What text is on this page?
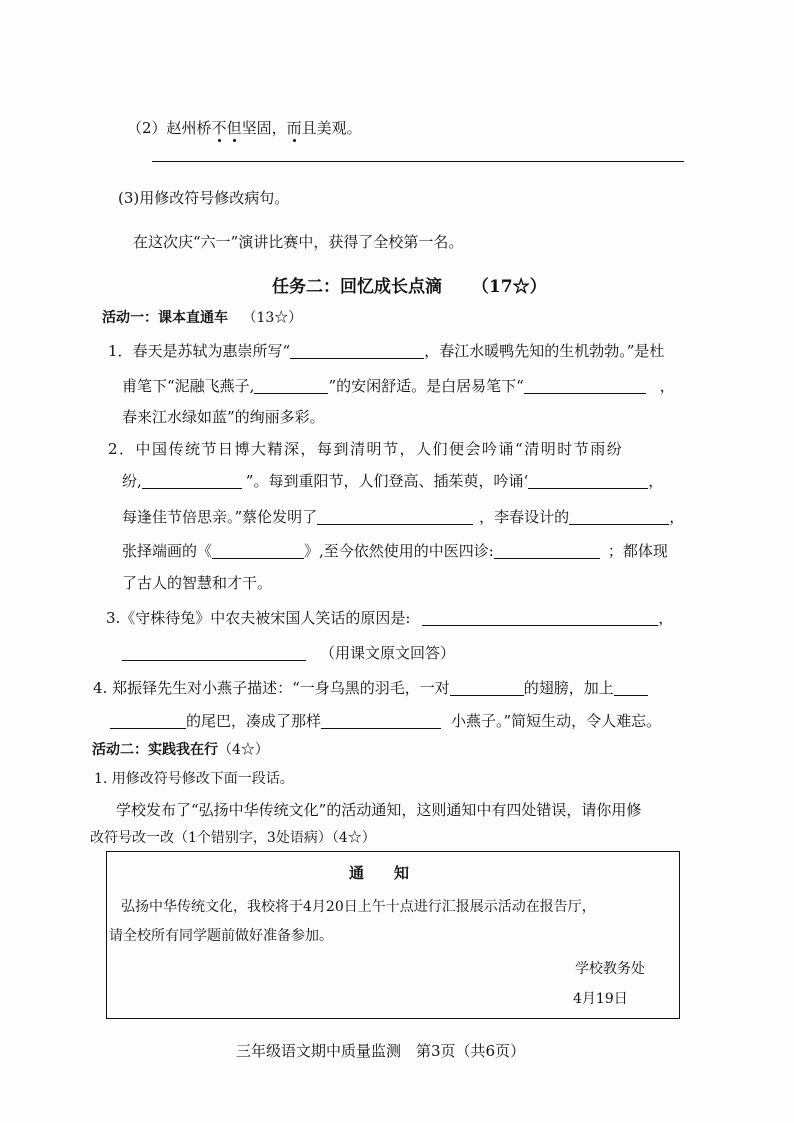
（2）赵州桥不但坚固，而且美观。
(3)用修改符号修改病句。
在这次庆“六一”演讲比赛中，获得了全校第一名。
任务二：回忆成长点滴 （17☆）
活动一：课本直通车 （13☆）
1．春天是苏轼为惠崇所写“	，春江水暖鸭先知的生机勃勃。”是杜
甫笔下“泥融飞燕子,	”的安闲舒适。是白居易笔下“	，
春来江水绿如蓝”的绚丽多彩。
2．中国传统节日博大精深，每到清明节，人们便会吟诵“清明时节雨纷
纷,	”。每到重阳节，人们登高、插茱萸，吟诵‘	，
每逢佳节倍思亲。”蔡伦发明了	，李春设计的	，
张择端画的《	》,至今依然使用的中医四诊:	；都体现
了古人的智慧和才干。
3.《守株待兔》中农夫被宋国人笑话的原因是:	，
（用课文原文回答）
4. 郑振铎先生对小燕子描述：“一身乌黑的羽毛，一对	的翅膀，加上
的尾巴，凑成了那样	小燕子。”简短生动，令人难忘。
活动二：实践我在行（4☆）
1. 用修改符号修改下面一段话。
学校发布了“弘扬中华传统文化”的活动通知，这则通知中有四处错误，请你用修
改符号改一改（1个错别字，3处语病）（4☆）
通　　知
弘扬中华传统文化，我校将于4月20日上午十点进行汇报展示活动在报告厅，
请全校所有同学题前做好准备参加。
学校教务处
4月19日
三年级语文期中质量监测　第3页（共6页）
